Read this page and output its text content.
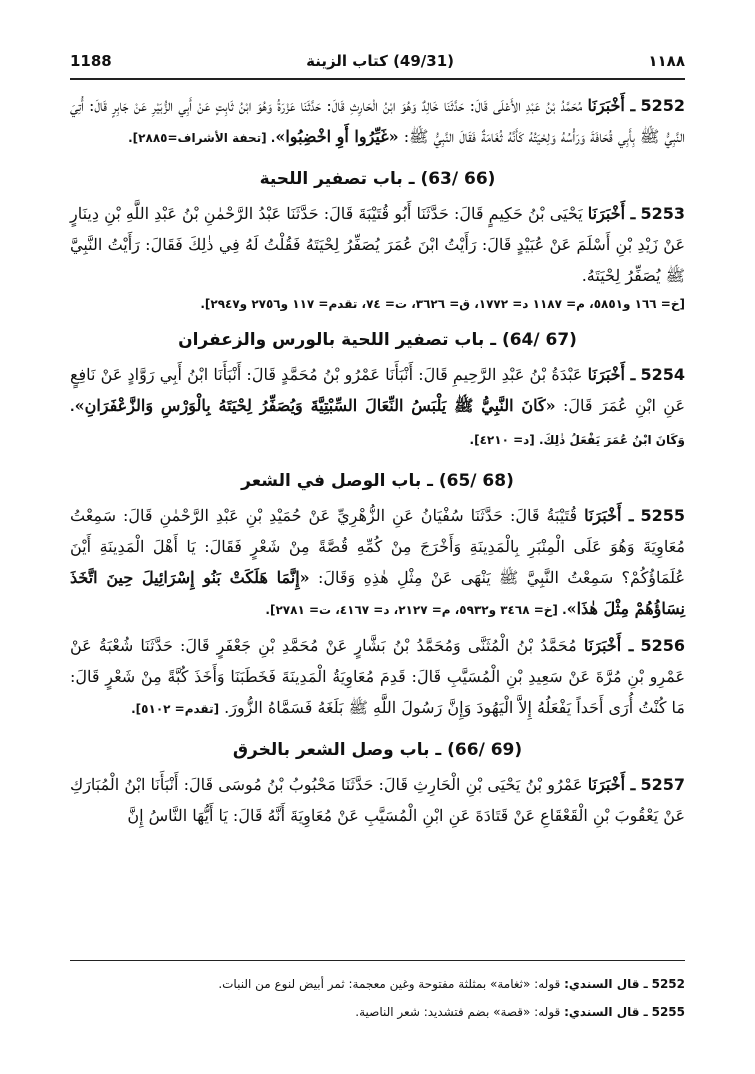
1188	(49/31) كتاب الزينة	١١٨٨

5252 ـ أَخْبَرَنَا مُحَمَّدُ بْنُ عَبْدِ الأَعْلَى قَالَ: حَدَّثَنَا خَالِدٌ وَهُوَ ابْنُ الْحَارِثِ قَالَ: حَدَّثَنَا عَزْرَةُ وَهُوَ ابْنُ ثَابِتٍ عَنْ أَبِي الزُّبَيْرِ عَنْ جَابِرٍ قَالَ: أُتِيَ النَّبِيُّ ﷺ بِأَبِي قُحَافَةَ وَرَأْسُهُ وَلِحْيَتُهُ كَأَنَّهُ ثُغَامَةٌ فَقَالَ النَّبِيُّ ﷺ: «غَيِّرُوا أَوِ اخْضِبُوا». [تحفة الأشراف=٢٨٨٥].

(63/ 66) ـ باب تصفير اللحية

5253 ـ أَخْبَرَنَا يَحْيَى بْنُ حَكِيمٍ قَالَ: حَدَّثَنَا أَبُو قُتَيْبَةَ قَالَ: حَدَّثَنَا عَبْدُ الرَّحْمٰنِ بْنُ عَبْدِ اللَّهِ بْنِ دِينَارٍ عَنْ زَيْدِ بْنِ أَسْلَمَ عَنْ عُبَيْدٍ قَالَ: رَأَيْتُ ابْنَ عُمَرَ يُصَفِّرُ لِحْيَتَهُ فَقُلْتُ لَهُ فِي ذٰلِكَ فَقَالَ: رَأَيْتُ النَّبِيَّ ﷺ يُصَفِّرُ لِحْيَتَهُ.

[خ= ١٦٦ و٥٨٥١، م= ١١٨٧ د= ١٧٧٢، ق= ٣٦٢٦، ت= ٧٤، تقدم= ١١٧ و٢٧٥٦ و٢٩٤٧].
(64/ 67) ـ باب تصفير اللحية بالورس والزعفران

5254 ـ أَخْبَرَنَا عَبْدَةُ بْنُ عَبْدِ الرَّحِيمِ قَالَ: أَنْبَأَنَا عَمْرُو بْنُ مُحَمَّدٍ قَالَ: أَنْبَأَنَا ابْنُ أَبِي رَوَّادٍ عَنْ نَافِعٍ عَنِ ابْنِ عُمَرَ قَالَ: «كَانَ النَّبِيُّ ﷺ يَلْبَسُ النِّعَالَ السِّبْتِيَّةَ وَيُصَفِّرُ لِحْيَتَهُ بِالْوَرْسِ وَالزَّعْفَرَانِ». وَكَانَ ابْنُ عُمَرَ يَفْعَلُ ذٰلِكَ. [د= ٤٢١٠].

(65/ 68) ـ باب الوصل في الشعر

5255 ـ أَخْبَرَنَا قُتَيْبَةُ قَالَ: حَدَّثَنَا سُفْيَانُ عَنِ الزُّهْرِيِّ عَنْ حُمَيْدِ بْنِ عَبْدِ الرَّحْمٰنِ قَالَ: سَمِعْتُ مُعَاوِيَةَ وَهُوَ عَلَى الْمِنْبَرِ بِالْمَدِينَةِ وَأَخْرَجَ مِنْ كُمِّهِ قُصَّةً مِنْ شَعْرٍ فَقَالَ: يَا أَهْلَ الْمَدِينَةِ أَيْنَ عُلَمَاؤُكُمْ؟ سَمِعْتُ النَّبِيَّ ﷺ يَنْهَى عَنْ مِثْلِ هٰذِهِ وَقَالَ: «إِنَّمَا هَلَكَتْ بَنُو إِسْرَائِيلَ حِينَ اتَّخَذَ نِسَاؤُهُمْ مِثْلَ هٰذَا». [خ= ٣٤٦٨ و٥٩٣٢، م= ٢١٢٧، د= ٤١٦٧، ت= ٢٧٨١].

5256 ـ أَخْبَرَنَا مُحَمَّدُ بْنُ الْمُثَنَّى وَمُحَمَّدُ بْنُ بَشَّارٍ عَنْ مُحَمَّدِ بْنِ جَعْفَرٍ قَالَ: حَدَّثَنَا شُعْبَةُ عَنْ عَمْرِو بْنِ مُرَّةَ عَنْ سَعِيدِ بْنِ الْمُسَيَّبِ قَالَ: قَدِمَ مُعَاوِيَةُ الْمَدِينَةَ فَخَطَبَنَا وَأَخَذَ كُبَّةً مِنْ شَعْرٍ قَالَ: مَا كُنْتُ أُرَى أَحَداً يَفْعَلُهُ إِلاَّ الْيَهُودَ وَإِنَّ رَسُولَ اللَّهِ ﷺ بَلَغَهُ فَسَمَّاهُ الزُّورَ. [تقدم= ٥١٠٢].

(66/ 69) ـ باب وصل الشعر بالخرق

5257 ـ أَخْبَرَنَا عَمْرُو بْنُ يَحْيَى بْنِ الْحَارِثِ قَالَ: حَدَّثَنَا مَحْبُوبُ بْنُ مُوسَى قَالَ: أَنْبَأَنَا ابْنُ الْمُبَارَكِ عَنْ يَعْقُوبَ بْنِ الْقَعْقَاعِ عَنْ قَتَادَةَ عَنِ ابْنِ الْمُسَيَّبِ عَنْ مُعَاوِيَةَ أَنَّهُ قَالَ: يَا أَيُّهَا النَّاسُ إِنَّ

5252 ـ قال السندي: قوله: «ثغامة» بمثلثة مفتوحة وغين معجمة: ثمر أبيض لنوع من النبات.
5255 ـ قال السندي: قوله: «قصة» بضم فتشديد: شعر الناصية.
